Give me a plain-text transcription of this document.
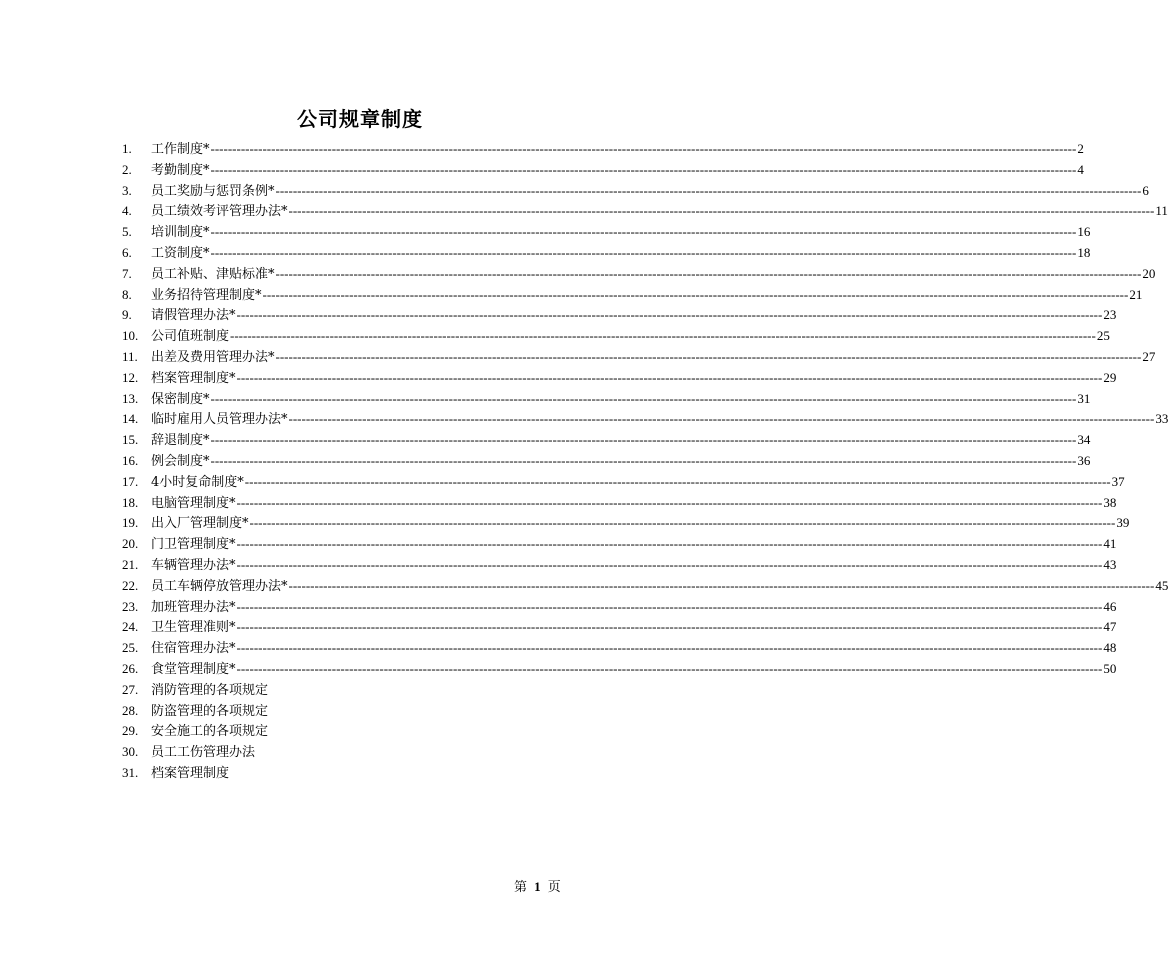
公司规章制度
1.	工作制度* -------------------------------------------------------------------------------------------------------------------------------------------------------------------------------------------------------- 2
2.	考勤制度* -------------------------------------------------------------------------------------------------------------------------------------------------------------------------------------------------------- 4
3.	员工奖励与惩罚条例* -------------------------------------------------------------------------------------------------------------------------------------------------------------------------------------------------------- 6
4.	员工绩效考评管理办法* -------------------------------------------------------------------------------------------------------------------------------------------------------------------------------------------------------- 11
5.	培训制度* -------------------------------------------------------------------------------------------------------------------------------------------------------------------------------------------------------- 16
6.	工资制度* -------------------------------------------------------------------------------------------------------------------------------------------------------------------------------------------------------- 18
7.	员工补贴、津贴标准* -------------------------------------------------------------------------------------------------------------------------------------------------------------------------------------------------------- 20
8.	业务招待管理制度* -------------------------------------------------------------------------------------------------------------------------------------------------------------------------------------------------------- 21
9.	请假管理办法* -------------------------------------------------------------------------------------------------------------------------------------------------------------------------------------------------------- 23
10. 公司值班制度 -------------------------------------------------------------------------------------------------------------------------------------------------------------------------------------------------------- 25
11.	出差及费用管理办法* -------------------------------------------------------------------------------------------------------------------------------------------------------------------------------------------------------- 27
12. 档案管理制度* -------------------------------------------------------------------------------------------------------------------------------------------------------------------------------------------------------- 29
13. 保密制度* -------------------------------------------------------------------------------------------------------------------------------------------------------------------------------------------------------- 31
14. 临时雇用人员管理办法* -------------------------------------------------------------------------------------------------------------------------------------------------------------------------------------------------------- 33
15. 辞退制度* -------------------------------------------------------------------------------------------------------------------------------------------------------------------------------------------------------- 34
16. 例会制度* -------------------------------------------------------------------------------------------------------------------------------------------------------------------------------------------------------- 36
17. 4小时复命制度* -------------------------------------------------------------------------------------------------------------------------------------------------------------------------------------------------------- 37
18. 电脑管理制度* -------------------------------------------------------------------------------------------------------------------------------------------------------------------------------------------------------- 38
19. 出入厂管理制度* -------------------------------------------------------------------------------------------------------------------------------------------------------------------------------------------------------- 39
20. 门卫管理制度* -------------------------------------------------------------------------------------------------------------------------------------------------------------------------------------------------------- 41
21. 车辆管理办法* -------------------------------------------------------------------------------------------------------------------------------------------------------------------------------------------------------- 43
22. 员工车辆停放管理办法* -------------------------------------------------------------------------------------------------------------------------------------------------------------------------------------------------------- 45
23. 加班管理办法* -------------------------------------------------------------------------------------------------------------------------------------------------------------------------------------------------------- 46
24. 卫生管理准则* -------------------------------------------------------------------------------------------------------------------------------------------------------------------------------------------------------- 47
25. 住宿管理办法* -------------------------------------------------------------------------------------------------------------------------------------------------------------------------------------------------------- 48
26. 食堂管理制度* -------------------------------------------------------------------------------------------------------------------------------------------------------------------------------------------------------- 50
27. 消防管理的各项规定
28. 防盗管理的各项规定
29. 安全施工的各项规定
30. 员工工伤管理办法
31. 档案管理制度
第 1 页
